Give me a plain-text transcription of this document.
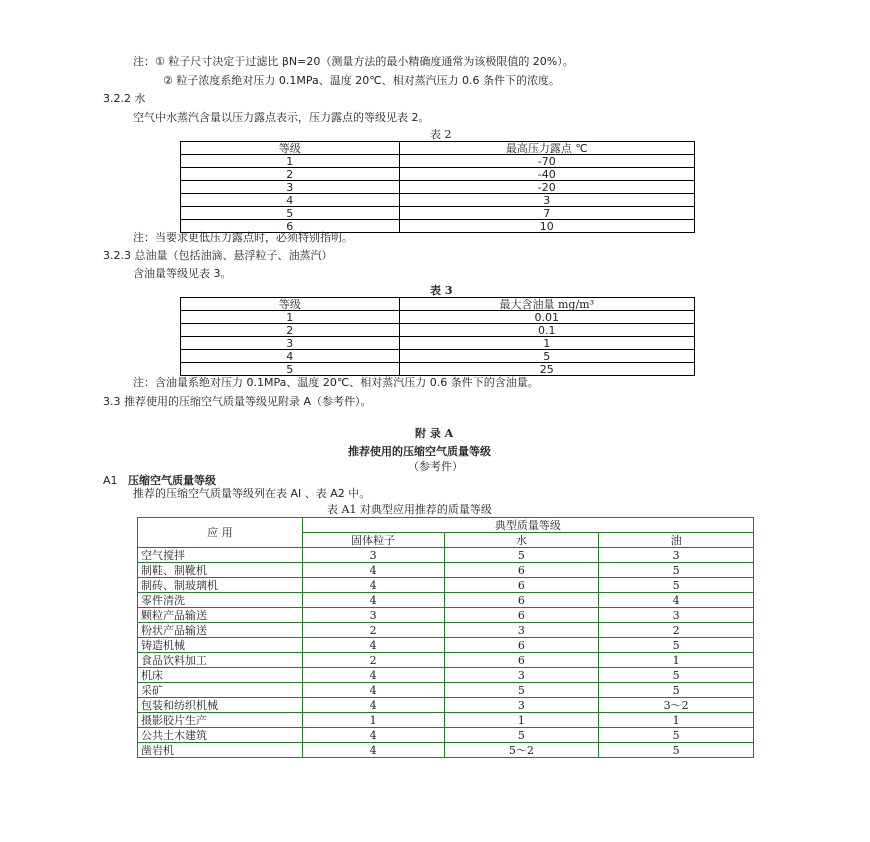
注：① 粒子尺寸决定于过滤比 βN=20（测量方法的最小精确度通常为该极限值的 20%）。
② 粒子浓度系绝对压力 0.1MPa、温度 20℃、相对蒸汽压力 0.6 条件下的浓度。
3.2.2 水
空气中水蒸汽含量以压力露点表示，压力露点的等级见表 2。
表 2
等级	最高压力露点 ℃
1	-70
2	-40
3	-20
4	3
5	7
6	10
注：当要求更低压力露点时，必须特别指明。
3.2.3 总油量（包括油滴、悬浮粒子、油蒸汽）
含油量等级见表 3。
表 3
等级	最大含油量 mg/m³
1	0.01
2	0.1
3	1
4	5
5	25
注：含油量系绝对压力 0.1MPa、温度 20℃、相对蒸汽压力 0.6 条件下的含油量。
3.3 推荐使用的压缩空气质量等级见附录 A（参考件）。
附 录 A
推荐使用的压缩空气质量等级
（参考件）
A1 压缩空气质量等级
推荐的压缩空气质量等级列在表 AI 、表 A2 中。
表 A1 对典型应用推荐的质量等级
应 用	典型质量等级		
	固体粒子	水	油
空气搅拌	3	5	3
制鞋、制靴机	4	6	5
制砖、制玻璃机	4	6	5
零件清洗	4	6	4
颗粒产品输送	3	6	3
粉状产品输送	2	3	2
铸造机械	4	6	5
食品饮料加工	2	6	1
机床	4	3	5
采矿	4	5	5
包装和纺织机械	4	3	3～2
摄影胶片生产	1	1	1
公共土木建筑	4	5	5
凿岩机	4	5～2	5
